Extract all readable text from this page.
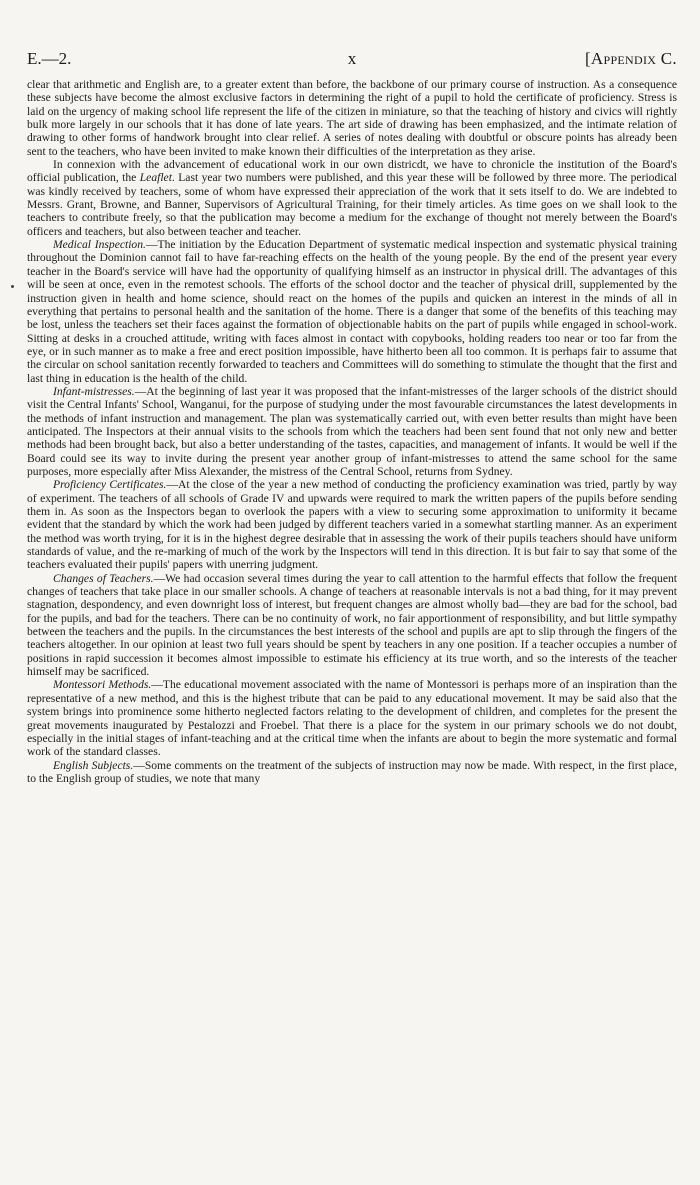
E.—2.	x	[Appendix C.

clear that arithmetic and English are, to a greater extent than before, the backbone of our primary course of instruction. As a consequence these subjects have become the almost exclusive factors in determining the right of a pupil to hold the certificate of proficiency. Stress is laid on the urgency of making school life represent the life of the citizen in miniature, so that the teaching of history and civics will rightly bulk more largely in our schools that it has done of late years. The art side of drawing has been emphasized, and the intimate relation of drawing to other forms of handwork brought into clear relief. A series of notes dealing with doubtful or obscure points has already been sent to the teachers, who have been invited to make known their difficulties of the interpretation as they arise.

In connexion with the advancement of educational work in our own districdt, we have to chronicle the institution of the Board's official publication, the Leaflet. Last year two numbers were published, and this year these will be followed by three more. The periodical was kindly received by teachers, some of whom have expressed their appreciation of the work that it sets itself to do. We are indebted to Messrs. Grant, Browne, and Banner, Supervisors of Agricultural Training, for their timely articles. As time goes on we shall look to the teachers to contribute freely, so that the publication may become a medium for the exchange of thought not merely between the Board's officers and teachers, but also between teacher and teacher.

Medical Inspection.—The initiation by the Education Department of systematic medical inspection and systematic physical training throughout the Dominion cannot fail to have far-reaching effects on the health of the young people. By the end of the present year every teacher in the Board's service will have had the opportunity of qualifying himself as an instructor in physical drill. The advantages of this will be seen at once, even in the remotest schools. The efforts of the school doctor and the teacher of physical drill, supplemented by the instruction given in health and home science, should react on the homes of the pupils and quicken an interest in the minds of all in everything that pertains to personal health and the sanitation of the home. There is a danger that some of the benefits of this teaching may be lost, unless the teachers set their faces against the formation of objectionable habits on the part of pupils while engaged in school-work. Sitting at desks in a crouched attitude, writing with faces almost in contact with copybooks, holding readers too near or too far from the eye, or in such manner as to make a free and erect position impossible, have hitherto been all too common. It is perhaps fair to assume that the circular on school sanitation recently forwarded to teachers and Committees will do something to stimulate the thought that the first and last thing in education is the health of the child.

Infant-mistresses.—At the beginning of last year it was proposed that the infant-mistresses of the larger schools of the district should visit the Central Infants' School, Wanganui, for the purpose of studying under the most favourable circumstances the latest developments in the methods of infant instruction and management. The plan was systematically carried out, with even better results than might have been anticipated. The Inspectors at their annual visits to the schools from which the teachers had been sent found that not only new and better methods had been brought back, but also a better understanding of the tastes, capacities, and management of infants. It would be well if the Board could see its way to invite during the present year another group of infant-mistresses to attend the same school for the same purposes, more especially after Miss Alexander, the mistress of the Central School, returns from Sydney.

Proficiency Certificates.—At the close of the year a new method of conducting the proficiency examination was tried, partly by way of experiment. The teachers of all schools of Grade IV and upwards were required to mark the written papers of the pupils before sending them in. As soon as the Inspectors began to overlook the papers with a view to securing some approximation to uniformity it became evident that the standard by which the work had been judged by different teachers varied in a somewhat startling manner. As an experiment the method was worth trying, for it is in the highest degree desirable that in assessing the work of their pupils teachers should have uniform standards of value, and the re-marking of much of the work by the Inspectors will tend in this direction. It is but fair to say that some of the teachers evaluated their pupils' papers with unerring judgment.

Changes of Teachers.—We had occasion several times during the year to call attention to the harmful effects that follow the frequent changes of teachers that take place in our smaller schools. A change of teachers at reasonable intervals is not a bad thing, for it may prevent stagnation, despondency, and even downright loss of interest, but frequent changes are almost wholly bad—they are bad for the school, bad for the pupils, and bad for the teachers. There can be no continuity of work, no fair apportionment of responsibility, and but little sympathy between the teachers and the pupils. In the circumstances the best interests of the school and pupils are apt to slip through the fingers of the teachers altogether. In our opinion at least two full years should be spent by teachers in any one position. If a teacher occupies a number of positions in rapid succession it becomes almost impossible to estimate his efficiency at its true worth, and so the interests of the teacher himself may be sacrificed.

Montessori Methods.—The educational movement associated with the name of Montessori is perhaps more of an inspiration than the representative of a new method, and this is the highest tribute that can be paid to any educational movement. It may be said also that the system brings into prominence some hitherto neglected factors relating to the development of children, and completes for the present the great movements inaugurated by Pestalozzi and Froebel. That there is a place for the system in our primary schools we do not doubt, especially in the initial stages of infant-teaching and at the critical time when the infants are about to begin the more systematic and formal work of the standard classes.

English Subjects.—Some comments on the treatment of the subjects of instruction may now be made. With respect, in the first place, to the English group of studies, we note that many
